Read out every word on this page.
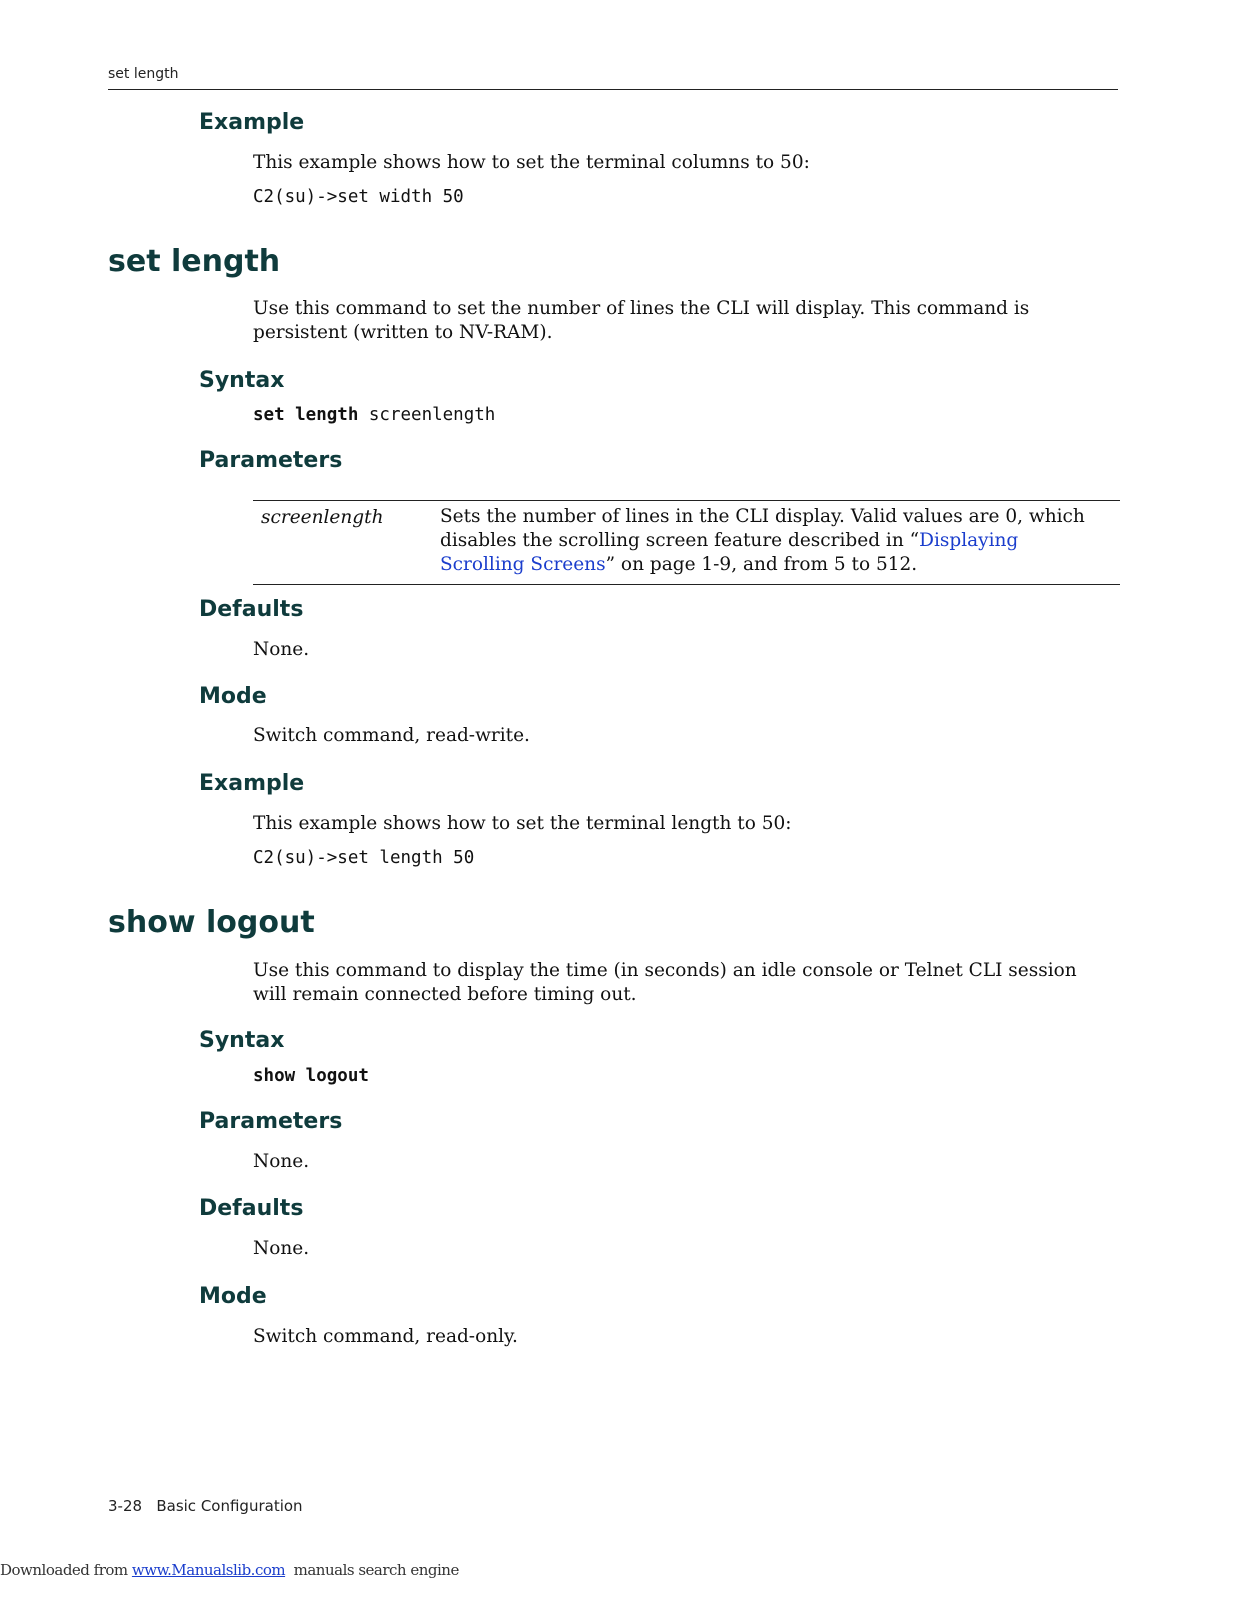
set length
Example
This example shows how to set the terminal columns to 50:
C2(su)->set width 50
set length
Use this command to set the number of lines the CLI will display. This command is persistent (written to NV-RAM).
Syntax
set length screenlength
Parameters
screenlength	Sets the number of lines in the CLI display. Valid values are 0, which disables the scrolling screen feature described in “Displaying Scrolling Screens” on page 1-9, and from 5 to 512.
Defaults
None.
Mode
Switch command, read-write.
Example
This example shows how to set the terminal length to 50:
C2(su)->set length 50
show logout
Use this command to display the time (in seconds) an idle console or Telnet CLI session will remain connected before timing out.
Syntax
show logout
Parameters
None.
Defaults
None.
Mode
Switch command, read-only.
3-28   Basic Configuration
Downloaded from www.Manualslib.com  manuals search engine
